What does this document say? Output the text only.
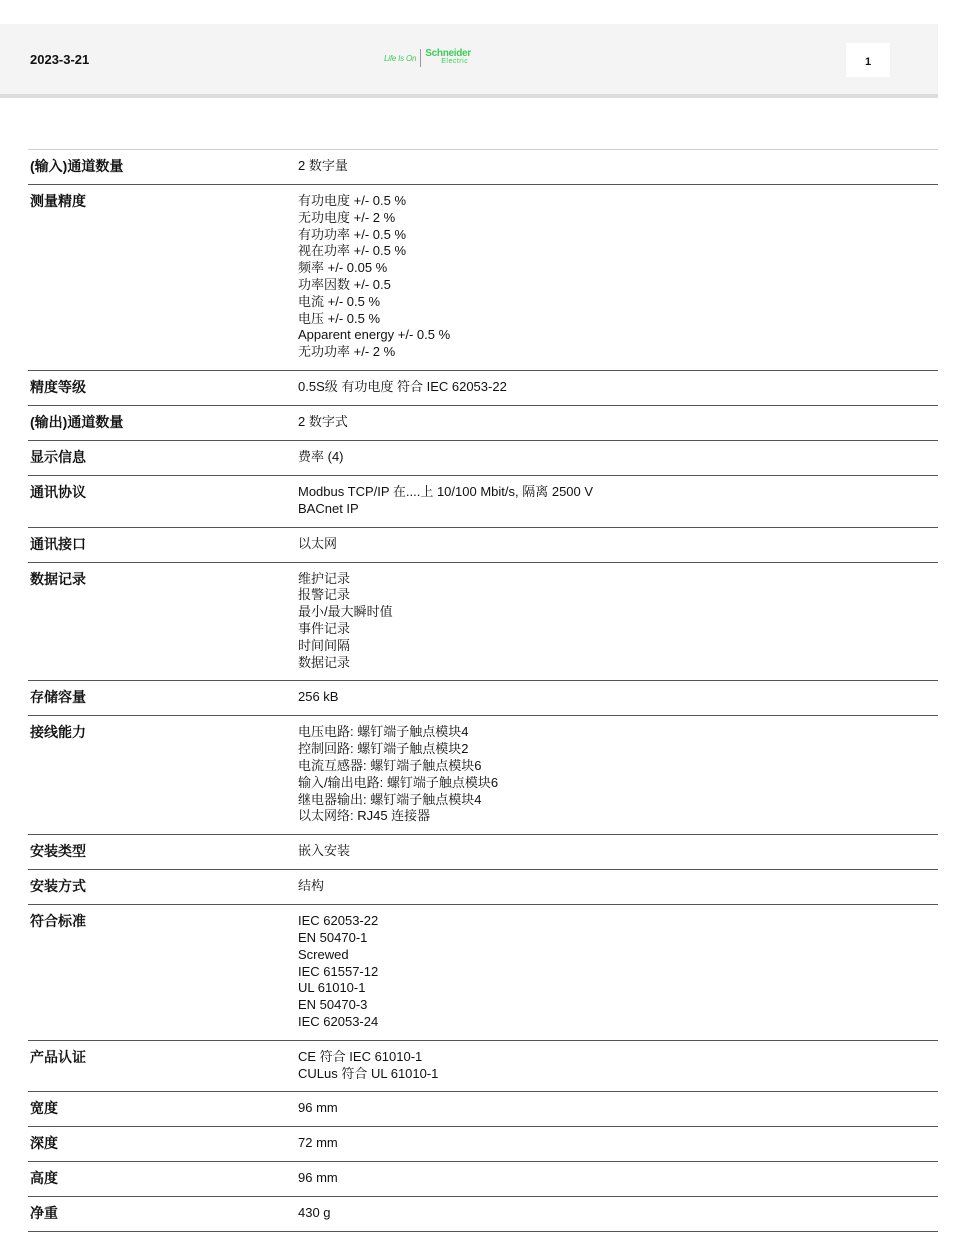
2023-3-21	Life Is On Schneider
Electric	1
(输入)通道数量	2 数字量
测量精度	有功电度 +/- 0.5 %
无功电度 +/- 2 %
有功功率 +/- 0.5 %
视在功率 +/- 0.5 %
频率 +/- 0.05 %
功率因数 +/- 0.5
电流 +/- 0.5 %
电压 +/- 0.5 %
Apparent energy +/- 0.5 %
无功功率 +/- 2 %
精度等级	0.5S级 有功电度 符合 IEC 62053-22
(输出)通道数量	2 数字式
显示信息	费率 (4)
通讯协议	Modbus TCP/IP 在....上 10/100 Mbit/s, 隔离 2500 V
BACnet IP
通讯接口	以太网
数据记录	维护记录
报警记录
最小/最大瞬时值
事件记录
时间间隔
数据记录
存储容量	256 kB
接线能力	电压电路: 螺钉端子触点模块4
控制回路: 螺钉端子触点模块2
电流互感器: 螺钉端子触点模块6
输入/输出电路: 螺钉端子触点模块6
继电器输出: 螺钉端子触点模块4
以太网络: RJ45 连接器
安装类型	嵌入安装
安装方式	结构
符合标准	IEC 62053-22
EN 50470-1
Screwed
IEC 61557-12
UL 61010-1
EN 50470-3
IEC 62053-24
产品认证	CE 符合 IEC 61010-1
CULus 符合 UL 61010-1
宽度	96 mm
深度	72 mm
高度	96 mm
净重	430 g
